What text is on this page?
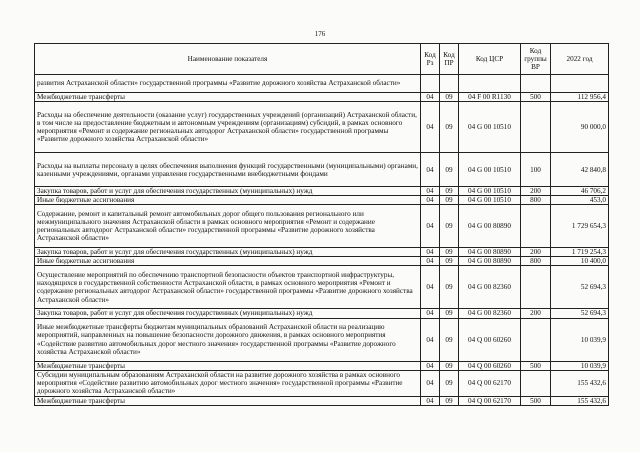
176
Наименование показателя	Код Рз	Код ПР	Код ЦСР	Код группы ВР	2022 год
развития Астраханской области» государственной программы «Развитие дорожного хозяйства Астраханской области»					
Межбюджетные трансферты	04	09	04 F 00 R1130	500	112 956,4
Расходы на обеспечение деятельности (оказание услуг) государственных учреждений (организаций) Астраханской области, в том числе на предоставление бюджетным и автономным учреждениям (организациям) субсидий, в рамках основного мероприятия «Ремонт и содержание региональных автодорог Астраханской области» государственной программы «Развитие дорожного хозяйства Астраханской области»	04	09	04 G 00 10510		90 000,0
Расходы на выплаты персоналу в целях обеспечения выполнения функций государственными (муниципальными) органами, казенными учреждениями, органами управления государственными внебюджетными фондами	04	09	04 G 00 10510	100	42 840,8
Закупка товаров, работ и услуг для обеспечения государственных (муниципальных) нужд	04	09	04 G 00 10510	200	46 706,2
Иные бюджетные ассигнования	04	09	04 G 00 10510	800	453,0
Содержание, ремонт и капитальный ремонт автомобильных дорог общего пользования регионального или межмуниципального значения Астраханской области в рамках основного мероприятия «Ремонт и содержание региональных автодорог Астраханской области» государственной программы «Развитие дорожного хозяйства Астраханской области»	04	09	04 G 00 80890		1 729 654,3
Закупка товаров, работ и услуг для обеспечения государственных (муниципальных) нужд	04	09	04 G 00 80890	200	1 719 254,3
Иные бюджетные ассигнования	04	09	04 G 00 80890	800	10 400,0
Осуществление мероприятий по обеспечению транспортной безопасности объектов транспортной инфраструктуры, находящихся в государственной собственности Астраханской области, в рамках основного мероприятия «Ремонт и содержание региональных автодорог Астраханской области» государственной программы «Развитие дорожного хозяйства Астраханской области»	04	09	04 G 00 82360		52 694,3
Закупка товаров, работ и услуг для обеспечения государственных (муниципальных) нужд	04	09	04 G 00 82360	200	52 694,3
Иные межбюджетные трансферты бюджетам муниципальных образований Астраханской области на реализацию мероприятий, направленных на повышение безопасности дорожного движения, в рамках основного мероприятия «Содействие развитию автомобильных дорог местного значения» государственной программы «Развитие дорожного хозяйства Астраханской области»	04	09	04 Q 00 60260		10 039,9
Межбюджетные трансферты	04	09	04 Q 00 60260	500	10 039,9
Субсидии муниципальным образованиям Астраханской области на развитие дорожного хозяйства в рамках основного мероприятия «Содействие развитию автомобильных дорог местного значения» государственной программы «Развитие дорожного хозяйства Астраханской области»	04	09	04 Q 00 62170		155 432,6
Межбюджетные трансферты	04	09	04 Q 00 62170	500	155 432,6
